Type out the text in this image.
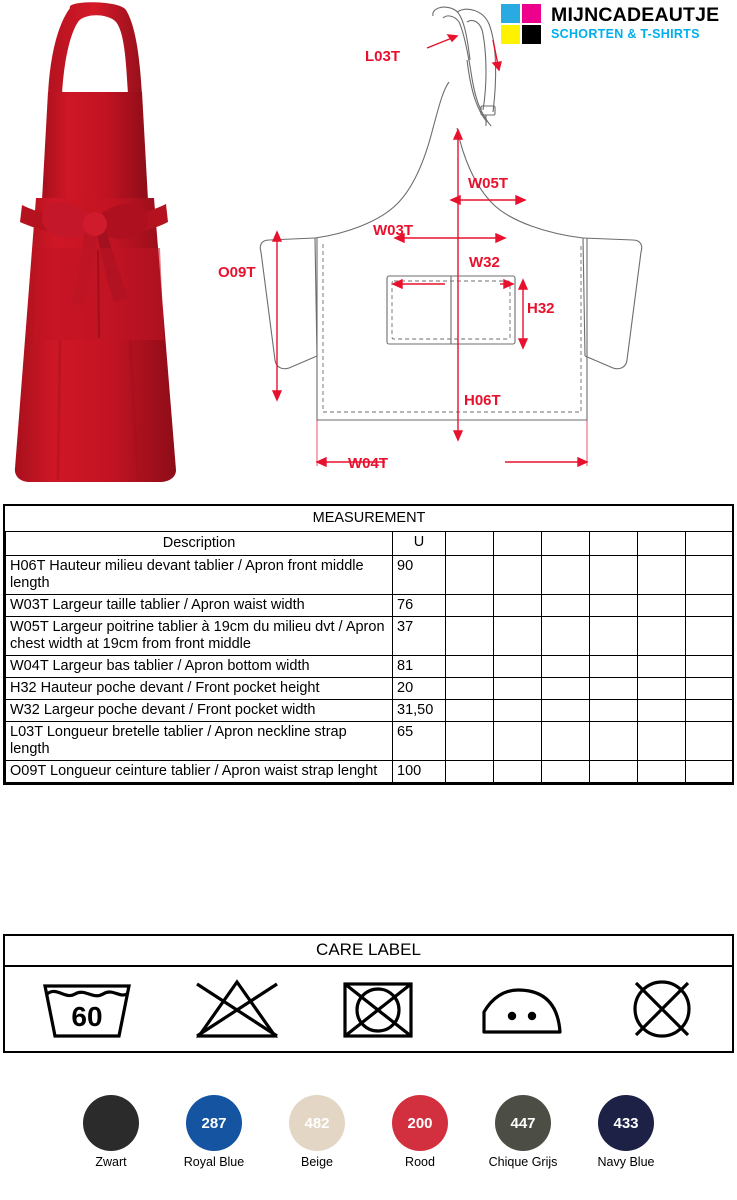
MIJNCADEAUTJE
SCHORTEN & T-SHIRTS
L03T
W05T
W03T
W32
H32
O09T
H06T
W04T
MEASUREMENT							
Description	U						
H06T Hauteur milieu devant tablier / Apron front middle length	90						
W03T Largeur taille tablier / Apron waist width	76						
W05T Largeur poitrine tablier à 19cm du milieu dvt / Apron chest width at 19cm from front middle	37						
W04T Largeur bas tablier / Apron bottom width	81						
H32 Hauteur poche devant / Front pocket height	20						
W32 Largeur poche devant / Front pocket width	31,50						
L03T Longueur bretelle tablier / Apron neckline strap length	65						
O09T Longueur ceinture tablier / Apron waist strap lenght	100						
CARE LABEL
60
Zwart
287
Royal Blue
482
Beige
200
Rood
447
Chique Grijs
433
Navy Blue
